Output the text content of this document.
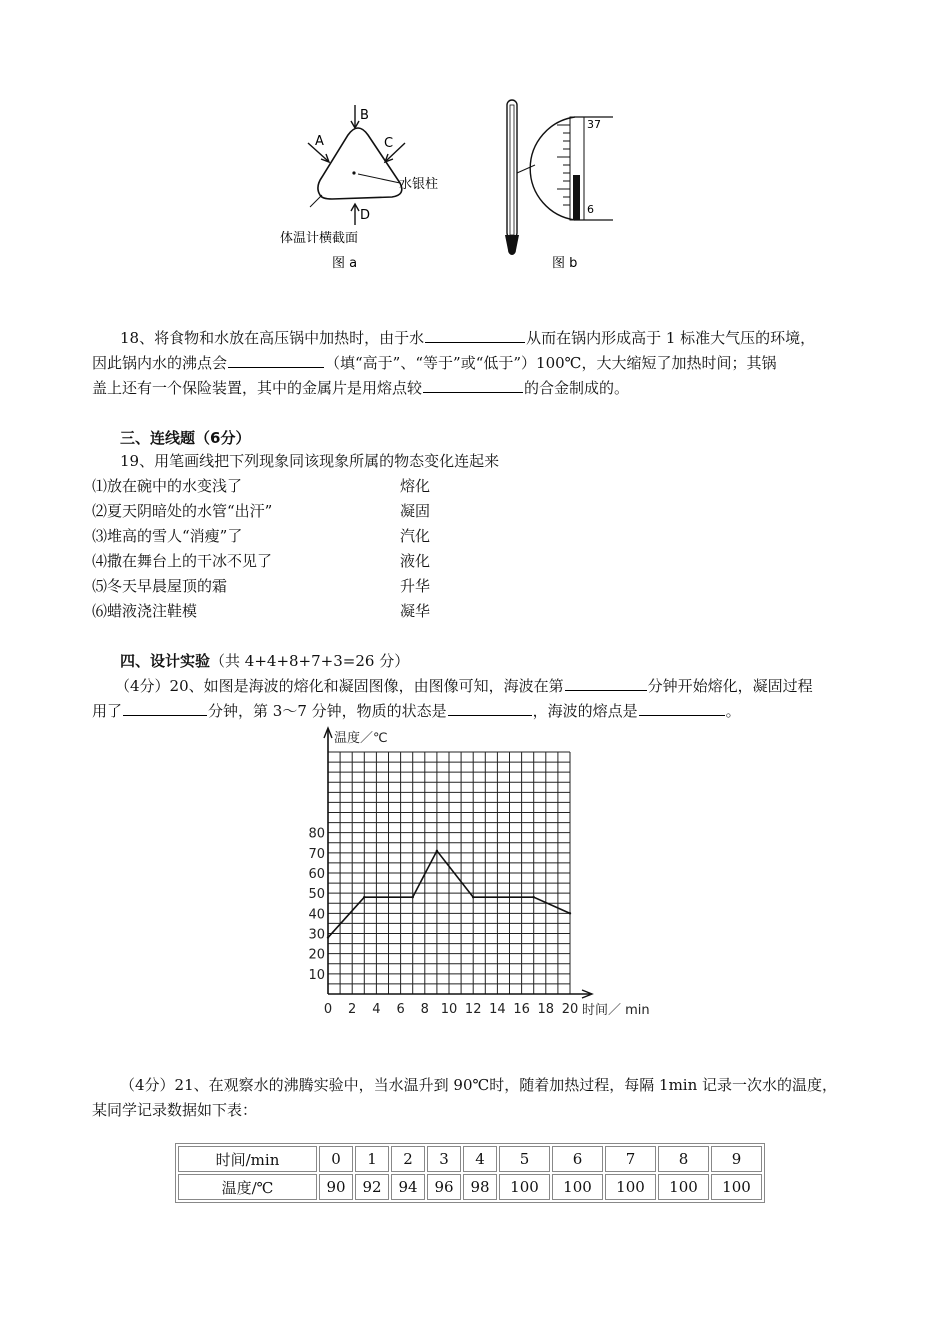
B
A	C
D
水银柱
体温计横截面
图 a
37
6
图 b
18、将食物和水放在高压锅中加热时，由于水	从而在锅内形成高于 1 标准大气压的环境，
因此锅内水的沸点会	（填“高于”、“等于”或“低于”）100℃，大大缩短了加热时间；其锅
盖上还有一个保险装置，其中的金属片是用熔点较	的合金制成的。
三、连线题（6分）
19、用笔画线把下列现象同该现象所属的物态变化连起来
⑴放在碗中的水变浅了	熔化
⑵夏天阴暗处的水管“出汗”	凝固
⑶堆高的雪人“消瘦”了	汽化
⑷撒在舞台上的干冰不见了	液化
⑸冬天早晨屋顶的霜	升华
⑹蜡液浇注鞋模	凝华
四、设计实验（共 4+4+8+7+3=26 分）
（4分）20、如图是海波的熔化和凝固图像，由图像可知，海波在第	分钟开始熔化，凝固过程
用了	分钟，第 3～7 分钟，物质的状态是	，海波的熔点是	。
温度／℃
时间／ min
0 2 4 6 8 10 12 14 16 18 20
10
20
30
40
50
60
70
80
（4分）21、在观察水的沸腾实验中，当水温升到 90℃时，随着加热过程，每隔 1min 记录一次水的温度，
某同学记录数据如下表：
时间/min	0	1	2	3	4	5	6	7	8	9
温度/℃	90	92	94	96	98	100	100	100	100	100
